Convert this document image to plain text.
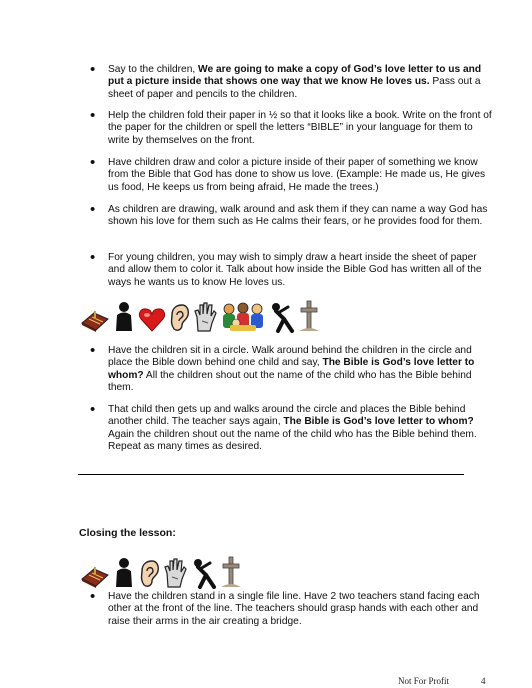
• Say to the children, We are going to make a copy of God’s love letter to us and put a picture inside that shows one way that we know He loves us. Pass out a sheet of paper and pencils to the children.
• Help the children fold their paper in ½ so that it looks like a book. Write on the front of the paper for the children or spell the letters “BIBLE” in your language for them to write by themselves on the front.
• Have children draw and color a picture inside of their paper of something we know from the Bible that God has done to show us love. (Example: He made us, He gives us food, He keeps us from being afraid, He made the trees.)
• As children are drawing, walk around and ask them if they can name a way God has shown his love for them such as He calms their fears, or he provides food for them.
• For young children, you may wish to simply draw a heart inside the sheet of paper and allow them to color it. Talk about how inside the Bible God has written all of the ways he wants us to know He loves us.
• Have the children sit in a circle. Walk around behind the children in the circle and place the Bible down behind one child and say, The Bible is God’s love letter to whom? All the children shout out the name of the child who has the Bible behind them.
• That child then gets up and walks around the circle and places the Bible behind another child. The teacher says again, The Bible is God’s love letter to whom? Again the children shout out the name of the child who has the Bible behind them. Repeat as many times as desired.
Closing the lesson:
• Have the children stand in a single file line. Have 2 two teachers stand facing each other at the front of the line. The teachers should grasp hands with each other and raise their arms in the air creating a bridge.
Not For Profit	4
